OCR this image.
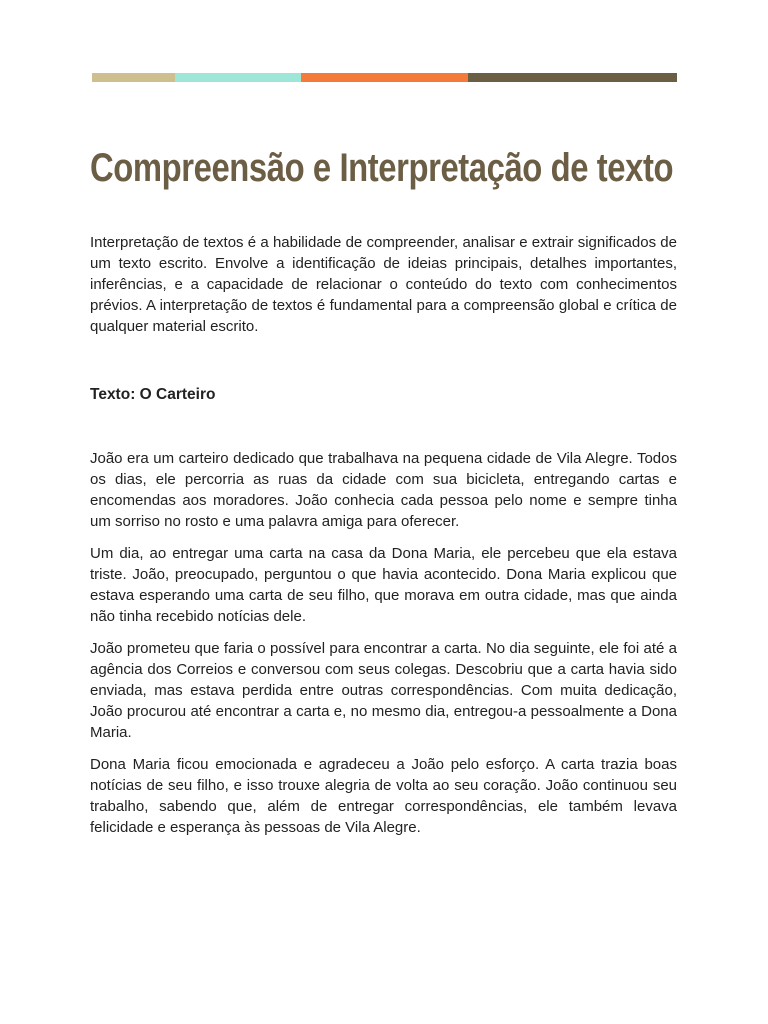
Compreensão e Interpretação de texto

Interpretação de textos é a habilidade de compreender, analisar e extrair significados de um texto escrito. Envolve a identificação de ideias principais, detalhes importantes, inferências, e a capacidade de relacionar o conteúdo do texto com conhecimentos prévios. A interpretação de textos é fundamental para a compreensão global e crítica de qualquer material escrito.

Texto: O Carteiro

João era um carteiro dedicado que trabalhava na pequena cidade de Vila Alegre. Todos os dias, ele percorria as ruas da cidade com sua bicicleta, entregando cartas e encomendas aos moradores. João conhecia cada pessoa pelo nome e sempre tinha um sorriso no rosto e uma palavra amiga para oferecer.

Um dia, ao entregar uma carta na casa da Dona Maria, ele percebeu que ela estava triste. João, preocupado, perguntou o que havia acontecido. Dona Maria explicou que estava esperando uma carta de seu filho, que morava em outra cidade, mas que ainda não tinha recebido notícias dele.

João prometeu que faria o possível para encontrar a carta. No dia seguinte, ele foi até a agência dos Correios e conversou com seus colegas. Descobriu que a carta havia sido enviada, mas estava perdida entre outras correspondências. Com muita dedicação, João procurou até encontrar a carta e, no mesmo dia, entregou-a pessoalmente a Dona Maria.

Dona Maria ficou emocionada e agradeceu a João pelo esforço. A carta trazia boas notícias de seu filho, e isso trouxe alegria de volta ao seu coração. João continuou seu trabalho, sabendo que, além de entregar correspondências, ele também levava felicidade e esperança às pessoas de Vila Alegre.
